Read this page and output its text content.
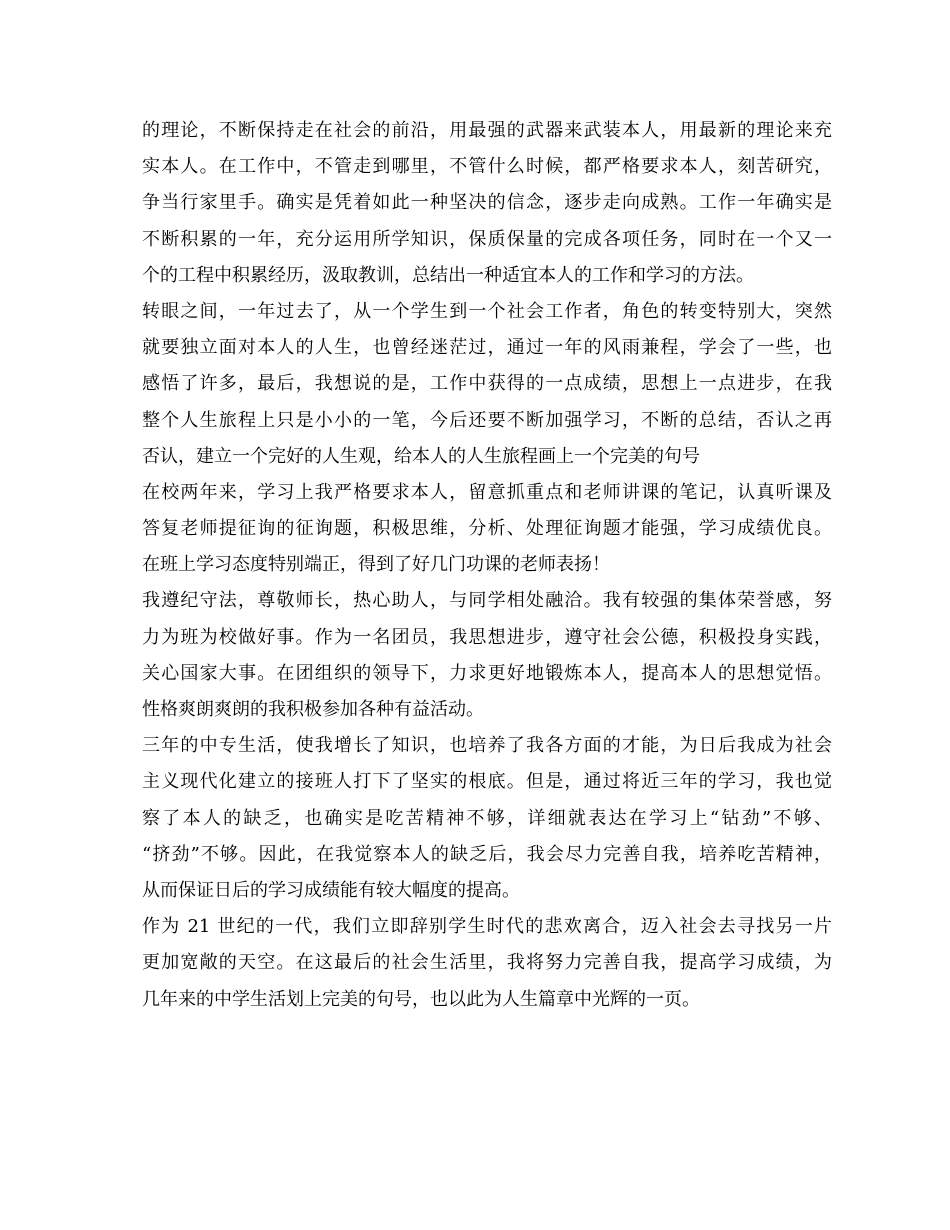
的理论，不断保持走在社会的前沿，用最强的武器来武装本人，用最新的理论来充
实本人。在工作中，不管走到哪里，不管什么时候，都严格要求本人，刻苦研究，
争当行家里手。确实是凭着如此一种坚决的信念，逐步走向成熟。工作一年确实是
不断积累的一年，充分运用所学知识，保质保量的完成各项任务，同时在一个又一
个的工程中积累经历，汲取教训，总结出一种适宜本人的工作和学习的方法。
转眼之间，一年过去了，从一个学生到一个社会工作者，角色的转变特别大，突然
就要独立面对本人的人生，也曾经迷茫过，通过一年的风雨兼程，学会了一些，也
感悟了许多，最后，我想说的是，工作中获得的一点成绩，思想上一点进步，在我
整个人生旅程上只是小小的一笔，今后还要不断加强学习，不断的总结，否认之再
否认，建立一个完好的人生观，给本人的人生旅程画上一个完美的句号
在校两年来，学习上我严格要求本人，留意抓重点和老师讲课的笔记，认真听课及
答复老师提征询的征询题，积极思维，分析、处理征询题才能强，学习成绩优良。
在班上学习态度特别端正，得到了好几门功课的老师表扬！
我遵纪守法，尊敬师长，热心助人，与同学相处融洽。我有较强的集体荣誉感，努
力为班为校做好事。作为一名团员，我思想进步，遵守社会公德，积极投身实践，
关心国家大事。在团组织的领导下，力求更好地锻炼本人，提高本人的思想觉悟。
性格爽朗爽朗的我积极参加各种有益活动。
三年的中专生活，使我增长了知识，也培养了我各方面的才能，为日后我成为社会
主义现代化建立的接班人打下了坚实的根底。但是，通过将近三年的学习，我也觉
察了本人的缺乏，也确实是吃苦精神不够，详细就表达在学习上“钻劲”不够、
“挤劲”不够。因此，在我觉察本人的缺乏后，我会尽力完善自我，培养吃苦精神，
从而保证日后的学习成绩能有较大幅度的提高。
作为 21 世纪的一代，我们立即辞别学生时代的悲欢离合，迈入社会去寻找另一片
更加宽敞的天空。在这最后的社会生活里，我将努力完善自我，提高学习成绩，为
几年来的中学生活划上完美的句号，也以此为人生篇章中光辉的一页。
